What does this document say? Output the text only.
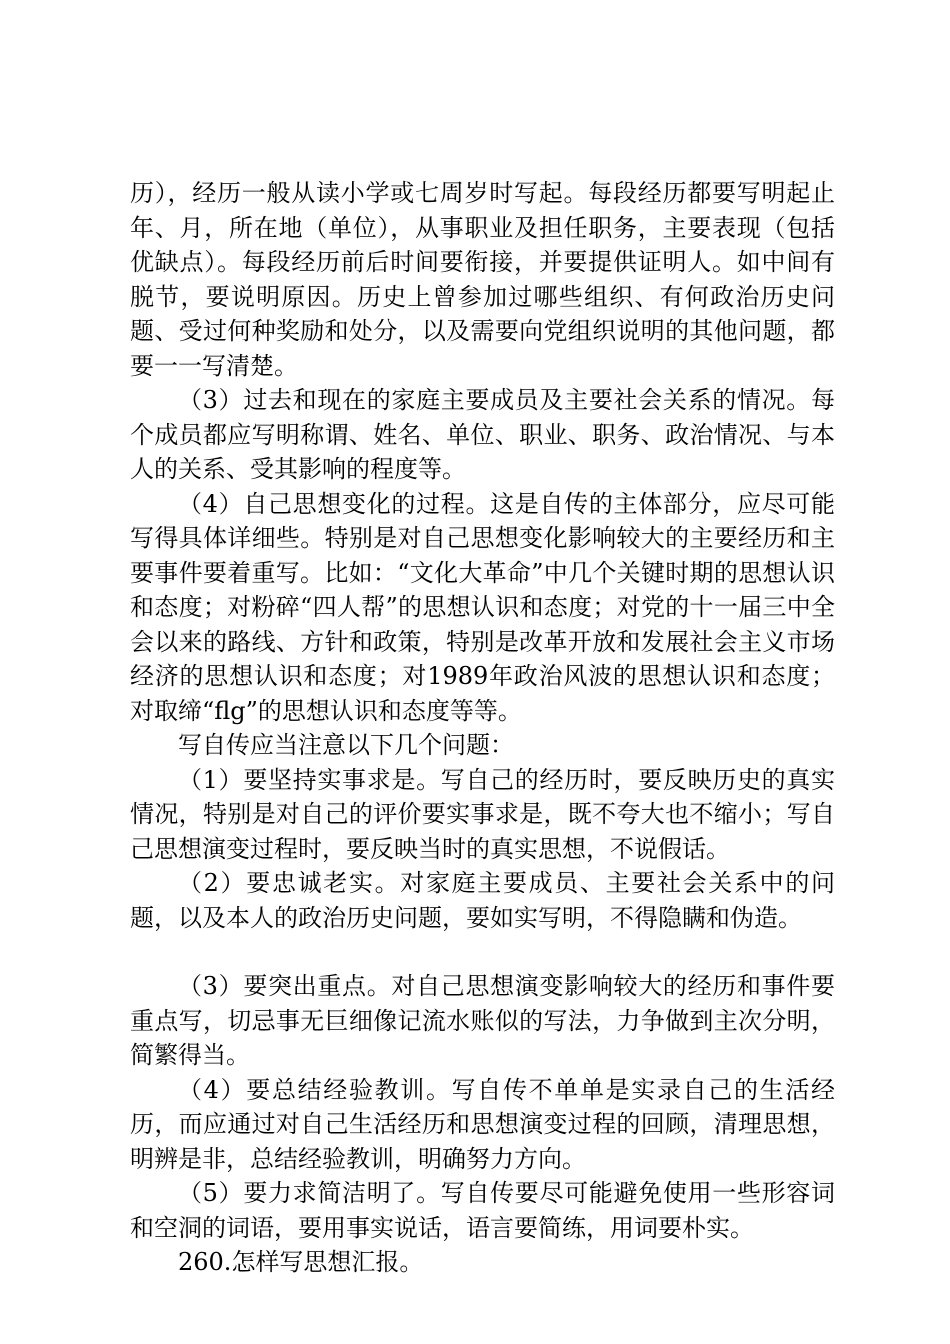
历），经历一般从读小学或七周岁时写起。每段经历都要写明起止年、月，所在地（单位），从事职业及担任职务，主要表现（包括优缺点）。每段经历前后时间要衔接，并要提供证明人。如中间有脱节，要说明原因。历史上曾参加过哪些组织、有何政治历史问题、受过何种奖励和处分，以及需要向党组织说明的其他问题，都要一一写清楚。

（3）过去和现在的家庭主要成员及主要社会关系的情况。每个成员都应写明称谓、姓名、单位、职业、职务、政治情况、与本人的关系、受其影响的程度等。

（4）自己思想变化的过程。这是自传的主体部分，应尽可能写得具体详细些。特别是对自己思想变化影响较大的主要经历和主要事件要着重写。比如：“文化大革命”中几个关键时期的思想认识和态度；对粉碎“四人帮”的思想认识和态度；对党的十一届三中全会以来的路线、方针和政策，特别是改革开放和发展社会主义市场经济的思想认识和态度；对1989年政治风波的思想认识和态度；对取缔“flg”的思想认识和态度等等。

写自传应当注意以下几个问题：

（1）要坚持实事求是。写自己的经历时，要反映历史的真实情况，特别是对自己的评价要实事求是，既不夸大也不缩小；写自己思想演变过程时，要反映当时的真实思想，不说假话。

（2）要忠诚老实。对家庭主要成员、主要社会关系中的问题，以及本人的政治历史问题，要如实写明，不得隐瞒和伪造。

（3）要突出重点。对自己思想演变影响较大的经历和事件要重点写，切忌事无巨细像记流水账似的写法，力争做到主次分明，简繁得当。

（4）要总结经验教训。写自传不单单是实录自己的生活经历，而应通过对自己生活经历和思想演变过程的回顾，清理思想，明辨是非，总结经验教训，明确努力方向。

（5）要力求简洁明了。写自传要尽可能避免使用一些形容词和空洞的词语，要用事实说话，语言要简练，用词要朴实。

260.怎样写思想汇报。
